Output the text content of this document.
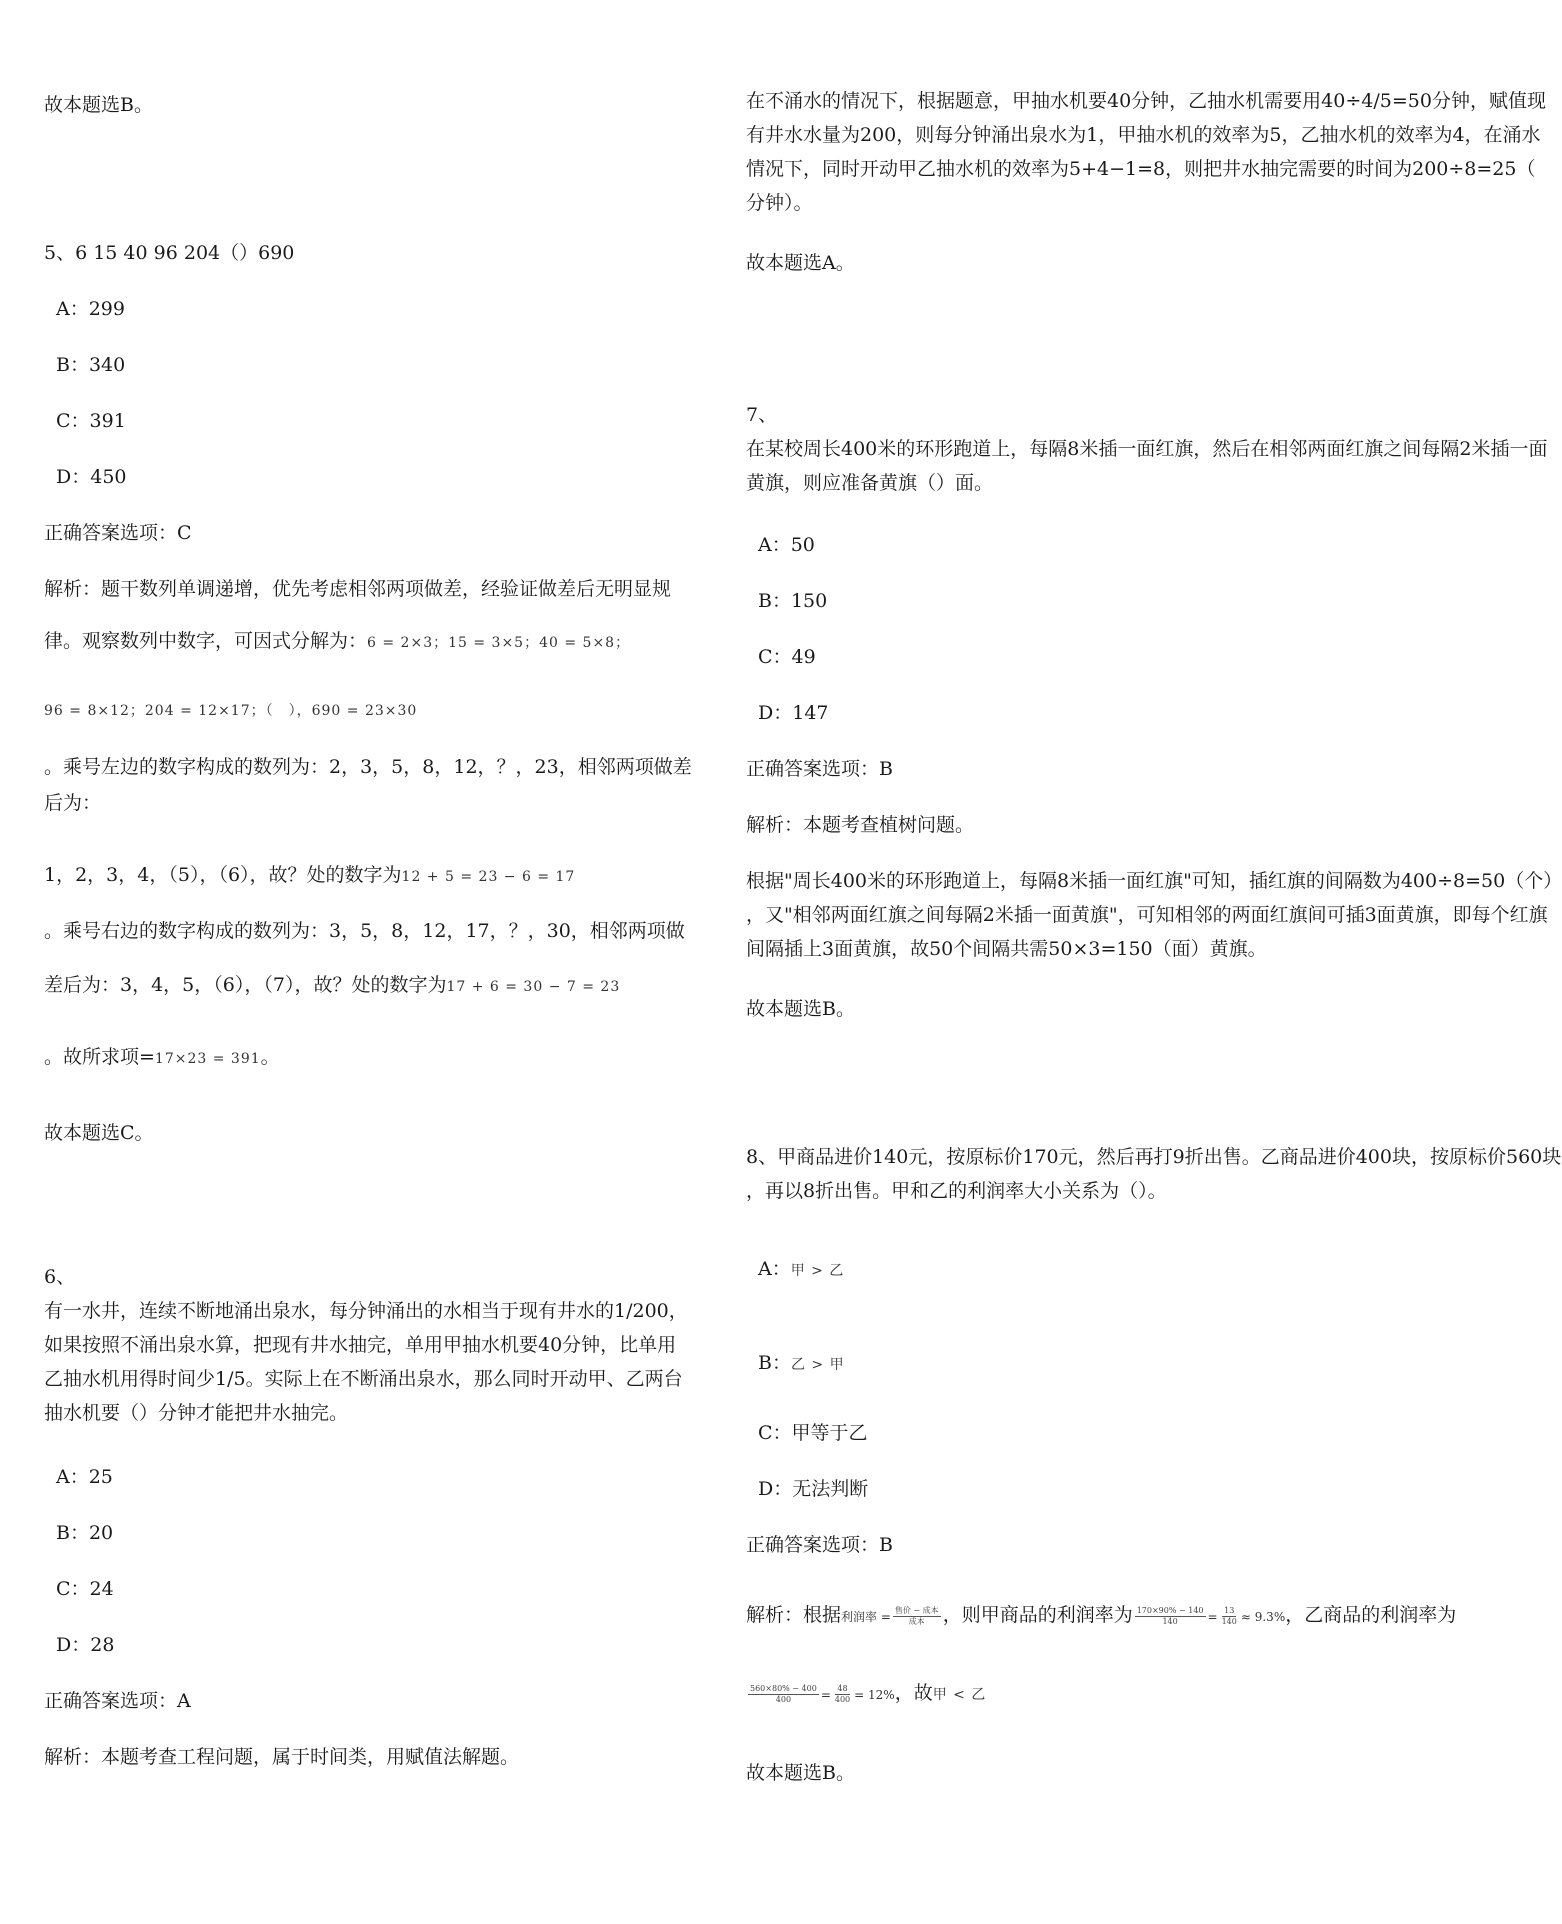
故本题选B。
5、6 15 40 96 204（）690
A：299
B：340
C：391
D：450
正确答案选项：C
解析：题干数列单调递增，优先考虑相邻两项做差，经验证做差后无明显规
律。观察数列中数字，可因式分解为：6 = 2×3；15 = 3×5；40 = 5×8；
96 = 8×12；204 = 12×17；（　），690 = 23×30
。乘号左边的数字构成的数列为：2，3，5，8，12，？，23，相邻两项做差
后为：
1，2，3，4，（5），（6），故？处的数字为12 + 5 = 23 − 6 = 17
。乘号右边的数字构成的数列为：3，5，8，12，17，？，30，相邻两项做
差后为：3，4，5，（6），（7），故？处的数字为17 + 6 = 30 − 7 = 23
。故所求项=17×23 = 391。
故本题选C。
6、
有一水井，连续不断地涌出泉水，每分钟涌出的水相当于现有井水的1/200，
如果按照不涌出泉水算，把现有井水抽完，单用甲抽水机要40分钟，比单用
乙抽水机用得时间少1/5。实际上在不断涌出泉水，那么同时开动甲、乙两台
抽水机要（）分钟才能把井水抽完。
A：25
B：20
C：24
D：28
正确答案选项：A
解析：本题考查工程问题，属于时间类，用赋值法解题。
在不涌水的情况下，根据题意，甲抽水机要40分钟，乙抽水机需要用40÷4/5=50分钟，赋值现
有井水水量为200，则每分钟涌出泉水为1，甲抽水机的效率为5，乙抽水机的效率为4，在涌水
情况下，同时开动甲乙抽水机的效率为5+4−1=8，则把井水抽完需要的时间为200÷8=25（
分钟）。
故本题选A。
7、
在某校周长400米的环形跑道上，每隔8米插一面红旗，然后在相邻两面红旗之间每隔2米插一面
黄旗，则应准备黄旗（）面。
A：50
B：150
C：49
D：147
正确答案选项：B
解析：本题考查植树问题。
根据"周长400米的环形跑道上，每隔8米插一面红旗"可知，插红旗的间隔数为400÷8=50（个）
，又"相邻两面红旗之间每隔2米插一面黄旗"，可知相邻的两面红旗间可插3面黄旗，即每个红旗
间隔插上3面黄旗，故50个间隔共需50×3=150（面）黄旗。
故本题选B。
8、甲商品进价140元，按原标价170元，然后再打9折出售。乙商品进价400块，按原标价560块
，再以8折出售。甲和乙的利润率大小关系为（）。
A：甲 > 乙
B：乙 > 甲
C：甲等于乙
D：无法判断
正确答案选项：B
解析：根据利润率 = $\frac{\text{售价 − 成本}}{\text{成本}}$ ，则甲商品的利润率为 $\frac{170\times 90\% - 140}{140} = \frac{13}{140} \approx 9.3\%$，乙商品的利润率为
$\frac{560\times 80\% - 400}{400} = \frac{48}{400} = 12\%$，故甲 < 乙
故本题选B。
